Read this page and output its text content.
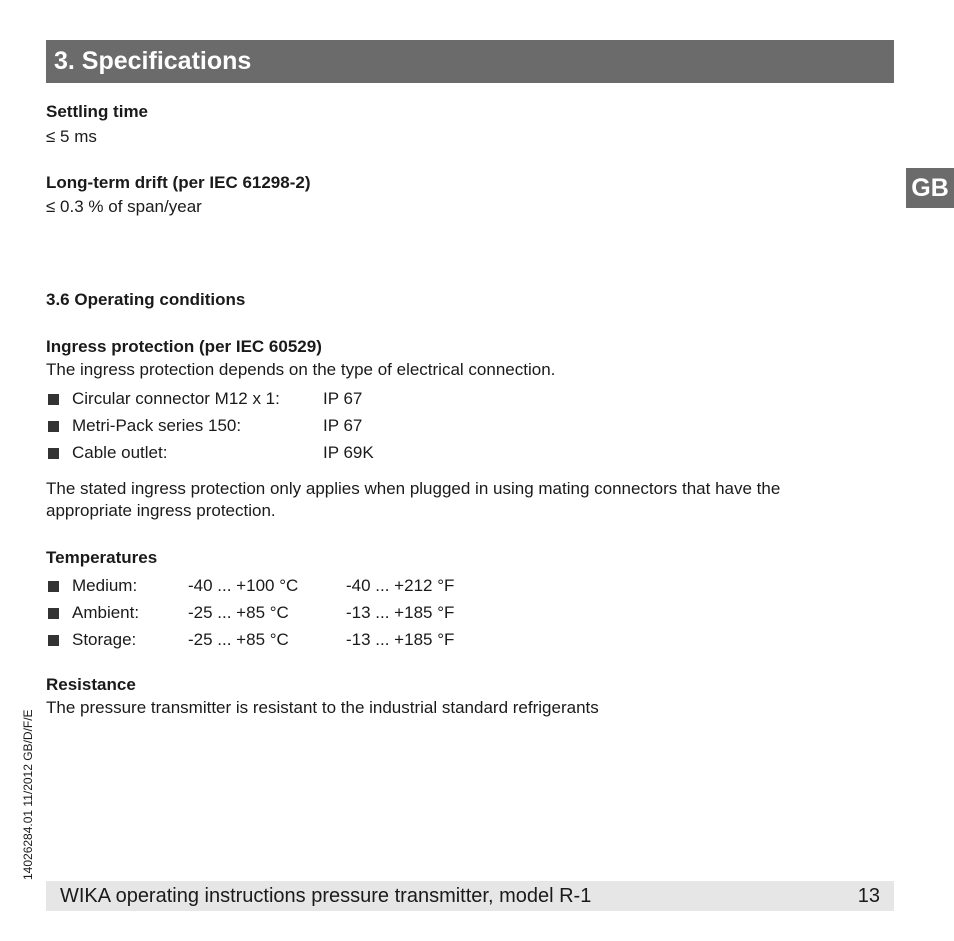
3. Specifications
GB
Settling time
≤ 5 ms
Long-term drift (per IEC 61298-2)
≤ 0.3 % of span/year
3.6 Operating conditions
Ingress protection (per IEC 60529)
The ingress protection depends on the type of electrical connection.
Circular connector M12 x 1:	IP 67
Metri-Pack series 150:	IP 67
Cable outlet:	IP 69K
The stated ingress protection only applies when plugged in using mating connectors that have the
appropriate ingress protection.
Temperatures
Medium:	-40 ... +100 °C	-40 ... +212 °F
Ambient:	-25 ... +85 °C	-13 ... +185 °F
Storage:	-25 ... +85 °C	-13 ... +185 °F
Resistance
The pressure transmitter is resistant to the industrial standard refrigerants
14026284.01 11/2012 GB/D/F/E
WIKA operating instructions pressure transmitter, model R-1	13
